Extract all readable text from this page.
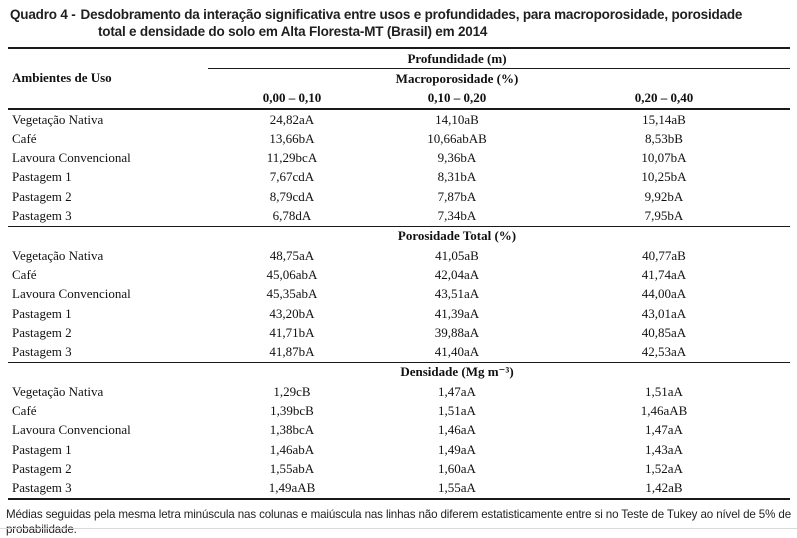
Quadro 4 - Desdobramento da interação significativa entre usos e profundidades, para macroporosidade, porosidade
total e densidade do solo em Alta Floresta-MT (Brasil) em 2014
Ambientes de Uso		Profundidade (m)	
		Macroporosidade (%)	
	0,00 – 0,10	0,10 – 0,20	0,20 – 0,40
Vegetação Nativa	24,82aA	14,10aB	15,14aB
Café	13,66bA	10,66abAB	8,53bB
Lavoura Convencional	11,29bcA	9,36bA	10,07bA
Pastagem 1	7,67cdA	8,31bA	10,25bA
Pastagem 2	8,79cdA	7,87bA	9,92bA
Pastagem 3	6,78dA	7,34bA	7,95bA
		Porosidade Total (%)	
Vegetação Nativa	48,75aA	41,05aB	40,77aB
Café	45,06abA	42,04aA	41,74aA
Lavoura Convencional	45,35abA	43,51aA	44,00aA
Pastagem 1	43,20bA	41,39aA	43,01aA
Pastagem 2	41,71bA	39,88aA	40,85aA
Pastagem 3	41,87bA	41,40aA	42,53aA
		Densidade (Mg m⁻³)	
Vegetação Nativa	1,29cB	1,47aA	1,51aA
Café	1,39bcB	1,51aA	1,46aAB
Lavoura Convencional	1,38bcA	1,46aA	1,47aA
Pastagem 1	1,46abA	1,49aA	1,43aA
Pastagem 2	1,55abA	1,60aA	1,52aA
Pastagem 3	1,49aAB	1,55aA	1,42aB
Médias seguidas pela mesma letra minúscula nas colunas e maiúscula nas linhas não diferem estatisticamente entre si no Teste de Tukey ao nível de 5% de
probabilidade.
